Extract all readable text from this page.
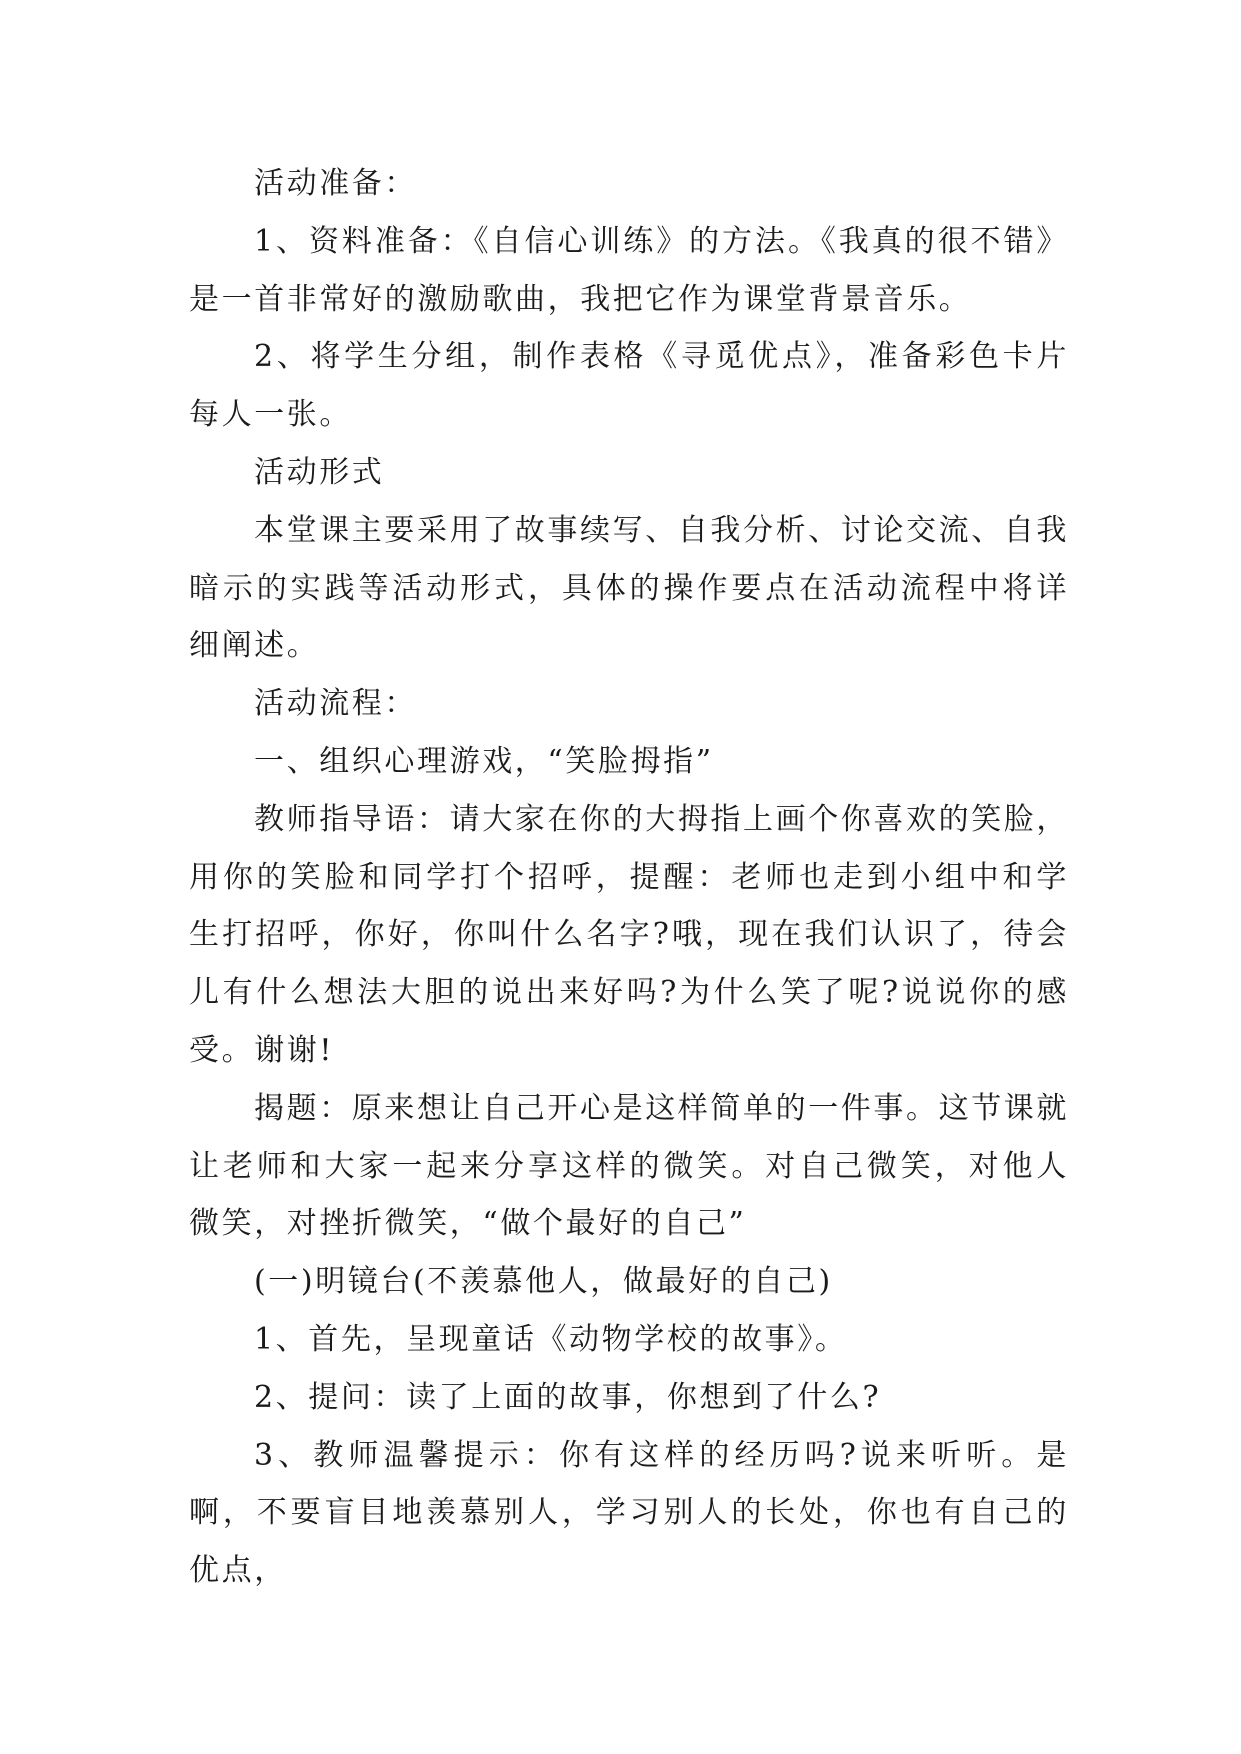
活动准备：

1、资料准备：《自信心训练》的方法。《我真的很不错》是一首非常好的激励歌曲，我把它作为课堂背景音乐。

2、将学生分组，制作表格《寻觅优点》，准备彩色卡片每人一张。

活动形式

本堂课主要采用了故事续写、自我分析、讨论交流、自我暗示的实践等活动形式，具体的操作要点在活动流程中将详细阐述。

活动流程：

一、组织心理游戏，“笑脸拇指”

教师指导语：请大家在你的大拇指上画个你喜欢的笑脸，用你的笑脸和同学打个招呼，提醒：老师也走到小组中和学生打招呼，你好，你叫什么名字?哦，现在我们认识了，待会儿有什么想法大胆的说出来好吗?为什么笑了呢?说说你的感受。谢谢!

揭题：原来想让自己开心是这样简单的一件事。这节课就让老师和大家一起来分享这样的微笑。对自己微笑，对他人微笑，对挫折微笑，“做个最好的自己”

(一)明镜台(不羡慕他人，做最好的自己)

1、首先，呈现童话《动物学校的故事》。

2、提问：读了上面的故事，你想到了什么?

3、教师温馨提示：你有这样的经历吗?说来听听。是啊，不要盲目地羡慕别人，学习别人的长处，你也有自己的优点，
